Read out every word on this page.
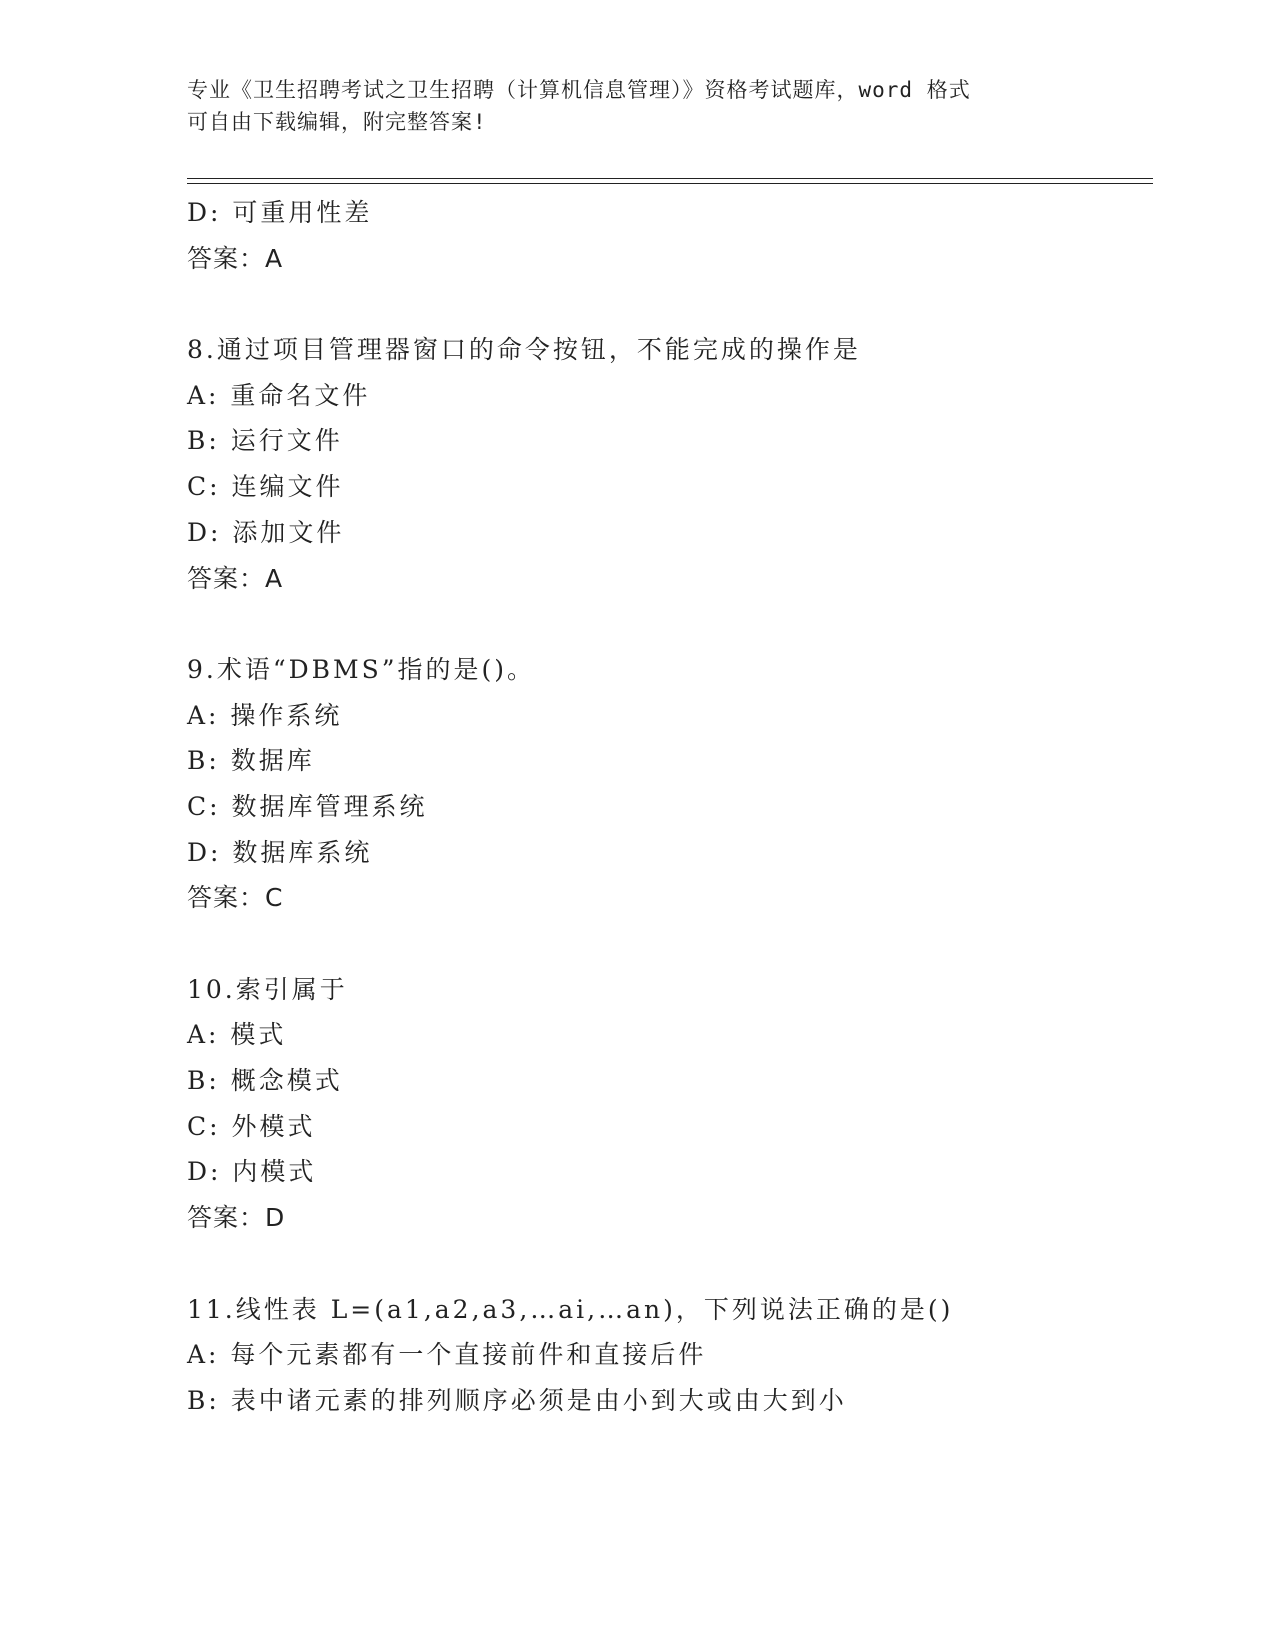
专业《卫生招聘考试之卫生招聘（计算机信息管理）》资格考试题库，word 格式
可自由下载编辑，附完整答案!
D: 可重用性差
答案：A
8.通过项目管理器窗口的命令按钮，不能完成的操作是
A: 重命名文件
B: 运行文件
C: 连编文件
D: 添加文件
答案：A
9.术语“DBMS”指的是()。
A: 操作系统
B: 数据库
C: 数据库管理系统
D: 数据库系统
答案：C
10.索引属于
A: 模式
B: 概念模式
C: 外模式
D: 内模式
答案：D
11.线性表 L=(a1,a2,a3,…ai,…an)，下列说法正确的是()
A: 每个元素都有一个直接前件和直接后件
B: 表中诸元素的排列顺序必须是由小到大或由大到小
